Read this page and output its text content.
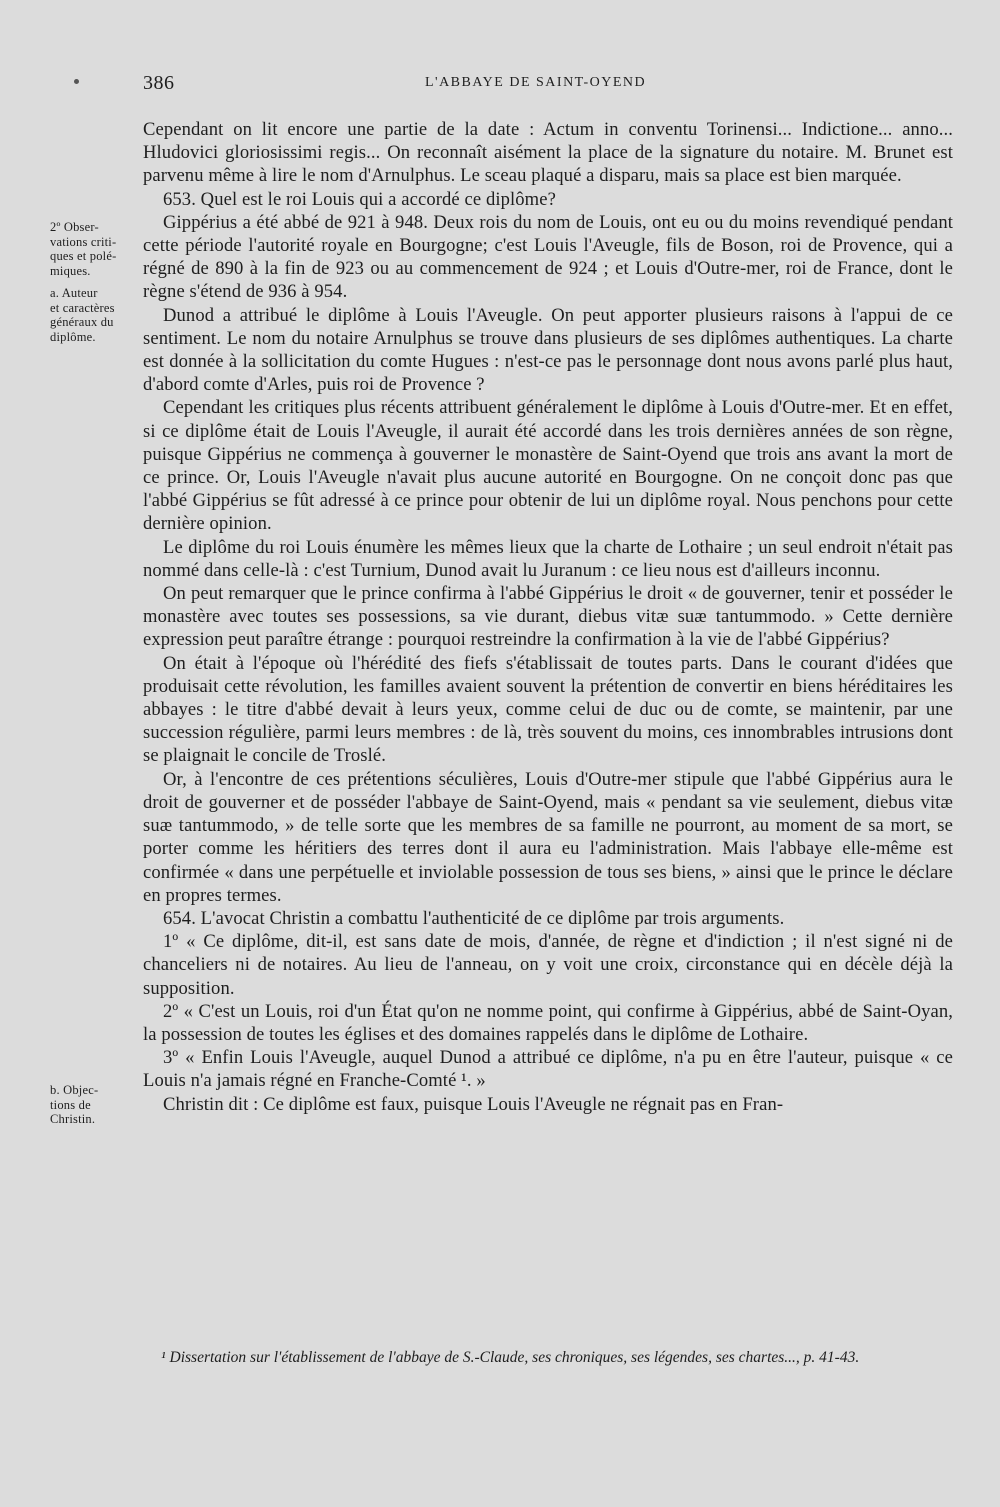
386	L'ABBAYE DE SAINT-OYEND
2º Obser-
vations criti-
ques et polé-
miques.
a. Auteur
et caractères
généraux du
diplôme.
b. Objec-
tions de
Christin.

Cependant on lit encore une partie de la date : Actum in conventu Torinensi... Indictione... anno... Hludovici gloriosissimi regis... On reconnaît aisément la place de la signature du notaire. M. Brunet est parvenu même à lire le nom d'Arnulphus. Le sceau plaqué a disparu, mais sa place est bien marquée.

653. Quel est le roi Louis qui a accordé ce diplôme?

Gippérius a été abbé de 921 à 948. Deux rois du nom de Louis, ont eu ou du moins revendiqué pendant cette période l'autorité royale en Bourgogne; c'est Louis l'Aveugle, fils de Boson, roi de Provence, qui a régné de 890 à la fin de 923 ou au commencement de 924 ; et Louis d'Outre-mer, roi de France, dont le règne s'étend de 936 à 954.

Dunod a attribué le diplôme à Louis l'Aveugle. On peut apporter plusieurs raisons à l'appui de ce sentiment. Le nom du notaire Arnulphus se trouve dans plusieurs de ses diplômes authentiques. La charte est donnée à la sollicitation du comte Hugues : n'est-ce pas le personnage dont nous avons parlé plus haut, d'abord comte d'Arles, puis roi de Provence ?

Cependant les critiques plus récents attribuent généralement le diplôme à Louis d'Outre-mer. Et en effet, si ce diplôme était de Louis l'Aveugle, il aurait été accordé dans les trois dernières années de son règne, puisque Gippérius ne commença à gouverner le monastère de Saint-Oyend que trois ans avant la mort de ce prince. Or, Louis l'Aveugle n'avait plus aucune autorité en Bourgogne. On ne conçoit donc pas que l'abbé Gippérius se fût adressé à ce prince pour obtenir de lui un diplôme royal. Nous penchons pour cette dernière opinion.

Le diplôme du roi Louis énumère les mêmes lieux que la charte de Lothaire ; un seul endroit n'était pas nommé dans celle-là : c'est Turnium, Dunod avait lu Juranum : ce lieu nous est d'ailleurs inconnu.

On peut remarquer que le prince confirma à l'abbé Gippérius le droit « de gouverner, tenir et posséder le monastère avec toutes ses possessions, sa vie durant, diebus vitæ suæ tantummodo. » Cette dernière expression peut paraître étrange : pourquoi restreindre la confirmation à la vie de l'abbé Gippérius?

On était à l'époque où l'hérédité des fiefs s'établissait de toutes parts. Dans le courant d'idées que produisait cette révolution, les familles avaient souvent la prétention de convertir en biens héréditaires les abbayes : le titre d'abbé devait à leurs yeux, comme celui de duc ou de comte, se maintenir, par une succession régulière, parmi leurs membres : de là, très souvent du moins, ces innombrables intrusions dont se plaignait le concile de Troslé.

Or, à l'encontre de ces prétentions séculières, Louis d'Outre-mer stipule que l'abbé Gippérius aura le droit de gouverner et de posséder l'abbaye de Saint-Oyend, mais « pendant sa vie seulement, diebus vitæ suæ tantummodo, » de telle sorte que les membres de sa famille ne pourront, au moment de sa mort, se porter comme les héritiers des terres dont il aura eu l'administration. Mais l'abbaye elle-même est confirmée « dans une perpétuelle et inviolable possession de tous ses biens, » ainsi que le prince le déclare en propres termes.

654. L'avocat Christin a combattu l'authenticité de ce diplôme par trois arguments.

1º « Ce diplôme, dit-il, est sans date de mois, d'année, de règne et d'indiction ; il n'est signé ni de chanceliers ni de notaires. Au lieu de l'anneau, on y voit une croix, circonstance qui en décèle déjà la supposition.

2º « C'est un Louis, roi d'un État qu'on ne nomme point, qui confirme à Gippérius, abbé de Saint-Oyan, la possession de toutes les églises et des domaines rappelés dans le diplôme de Lothaire.

3º « Enfin Louis l'Aveugle, auquel Dunod a attribué ce diplôme, n'a pu en être l'auteur, puisque « ce Louis n'a jamais régné en Franche-Comté ¹. »

Christin dit : Ce diplôme est faux, puisque Louis l'Aveugle ne régnait pas en Fran-

¹ Dissertation sur l'établissement de l'abbaye de S.-Claude, ses chroniques, ses légendes, ses chartes..., p. 41-43.
